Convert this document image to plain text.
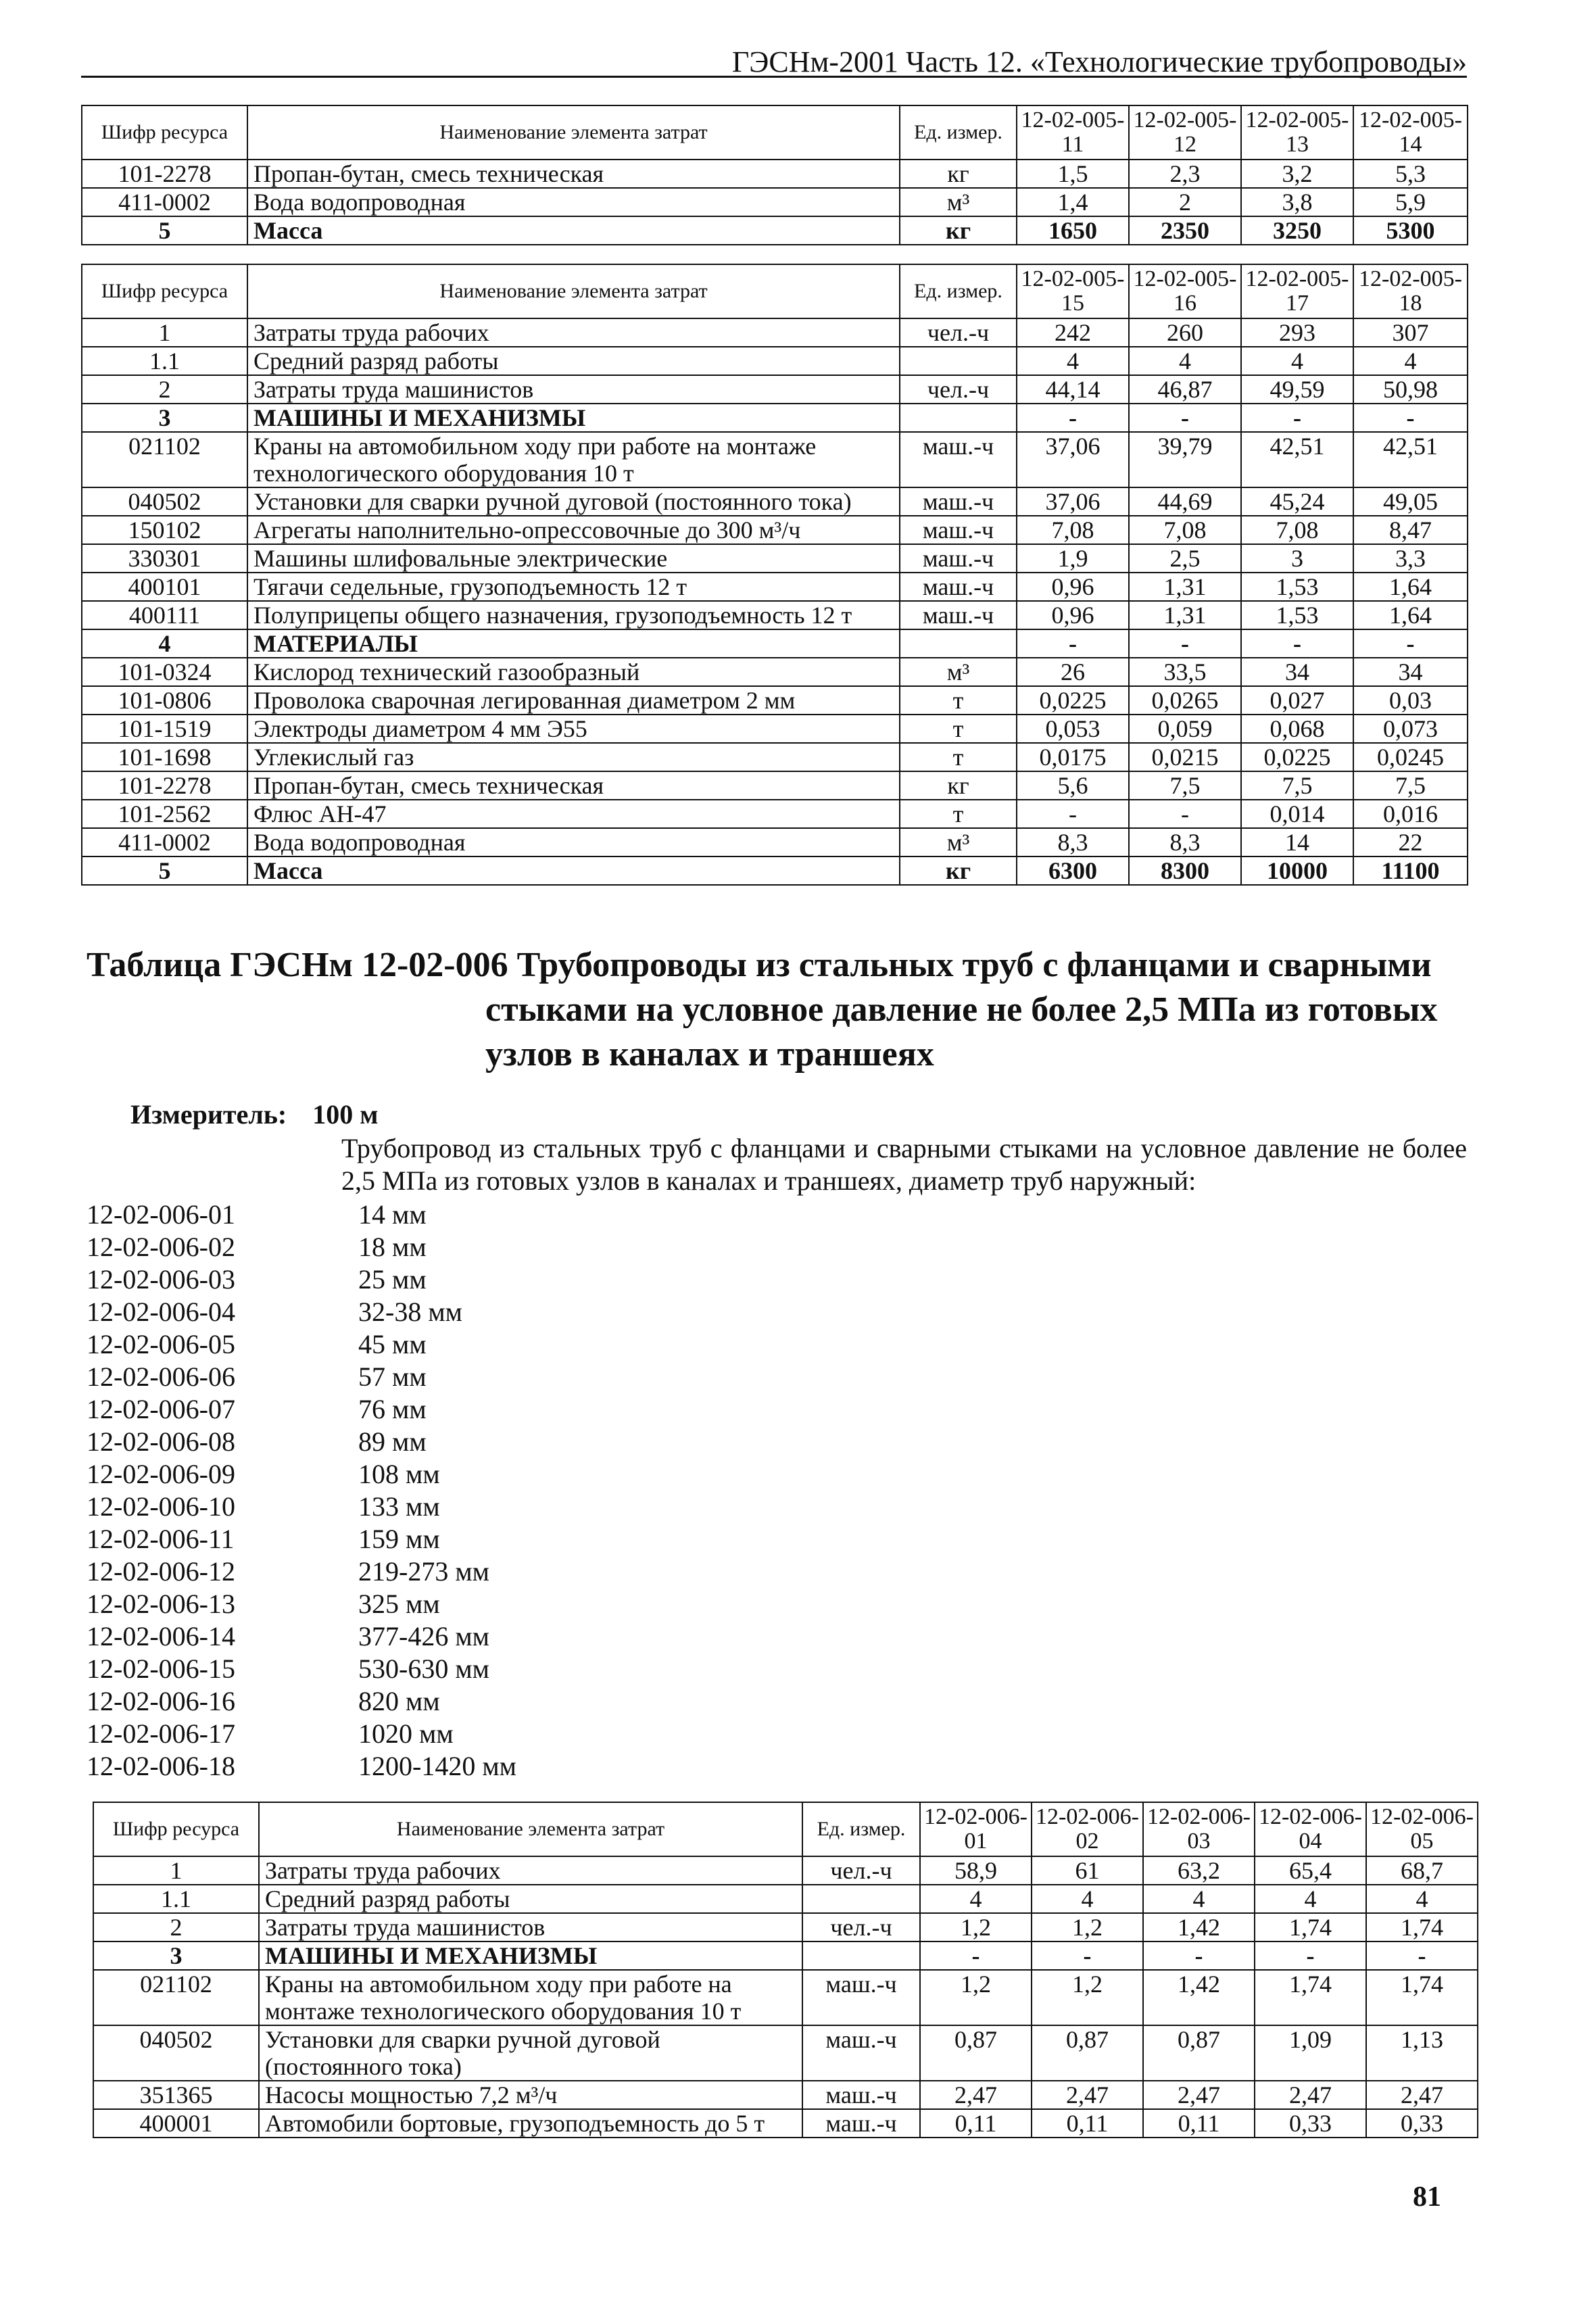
ГЭСНм-2001 Часть 12. «Технологические трубопроводы»
Шифр ресурса	Наименование элемента затрат	Ед. измер.	12-02-005-11	12-02-005-12	12-02-005-13	12-02-005-14
101-2278	Пропан-бутан, смесь техническая	кг	1,5	2,3	3,2	5,3
411-0002	Вода водопроводная	м³	1,4	2	3,8	5,9
5	Масса	кг	1650	2350	3250	5300
Шифр ресурса	Наименование элемента затрат	Ед. измер.	12-02-005-15	12-02-005-16	12-02-005-17	12-02-005-18
1	Затраты труда рабочих	чел.-ч	242	260	293	307
1.1	Средний разряд работы		4	4	4	4
2	Затраты труда машинистов	чел.-ч	44,14	46,87	49,59	50,98
3	МАШИНЫ И МЕХАНИЗМЫ		-	-	-	-
021102	Краны на автомобильном ходу при работе на монтаже технологического оборудования 10 т	маш.-ч	37,06	39,79	42,51	42,51
040502	Установки для сварки ручной дуговой (постоянного тока)	маш.-ч	37,06	44,69	45,24	49,05
150102	Агрегаты наполнительно-опрессовочные до 300 м³/ч	маш.-ч	7,08	7,08	7,08	8,47
330301	Машины шлифовальные электрические	маш.-ч	1,9	2,5	3	3,3
400101	Тягачи седельные, грузоподъемность 12 т	маш.-ч	0,96	1,31	1,53	1,64
400111	Полуприцепы общего назначения, грузоподъемность 12 т	маш.-ч	0,96	1,31	1,53	1,64
4	МАТЕРИАЛЫ		-	-	-	-
101-0324	Кислород технический газообразный	м³	26	33,5	34	34
101-0806	Проволока сварочная легированная диаметром 2 мм	т	0,0225	0,0265	0,027	0,03
101-1519	Электроды диаметром 4 мм Э55	т	0,053	0,059	0,068	0,073
101-1698	Углекислый газ	т	0,0175	0,0215	0,0225	0,0245
101-2278	Пропан-бутан, смесь техническая	кг	5,6	7,5	7,5	7,5
101-2562	Флюс АН-47	т	-	-	0,014	0,016
411-0002	Вода водопроводная	м³	8,3	8,3	14	22
5	Масса	кг	6300	8300	10000	11100
Таблица ГЭСНм 12-02-006 Трубопроводы из стальных труб с фланцами и сварными
стыками на условное давление не более 2,5 МПа из готовых
узлов в каналах и траншеях
Измеритель: 100 м
Трубопровод из стальных труб с фланцами и сварными стыками на условное давление не более 2,5 МПа из готовых узлов в каналах и траншеях, диаметр труб наружный:
12-02-006-01	14 мм
12-02-006-02	18 мм
12-02-006-03	25 мм
12-02-006-04	32-38 мм
12-02-006-05	45 мм
12-02-006-06	57 мм
12-02-006-07	76 мм
12-02-006-08	89 мм
12-02-006-09	108 мм
12-02-006-10	133 мм
12-02-006-11	159 мм
12-02-006-12	219-273 мм
12-02-006-13	325 мм
12-02-006-14	377-426 мм
12-02-006-15	530-630 мм
12-02-006-16	820 мм
12-02-006-17	1020 мм
12-02-006-18	1200-1420 мм
Шифр ресурса	Наименование элемента затрат	Ед. измер.	12-02-006-01	12-02-006-02	12-02-006-03	12-02-006-04	12-02-006-05
1	Затраты труда рабочих	чел.-ч	58,9	61	63,2	65,4	68,7
1.1	Средний разряд работы		4	4	4	4	4
2	Затраты труда машинистов	чел.-ч	1,2	1,2	1,42	1,74	1,74
3	МАШИНЫ И МЕХАНИЗМЫ		-	-	-	-	-
021102	Краны на автомобильном ходу при работе на монтаже технологического оборудования 10 т	маш.-ч	1,2	1,2	1,42	1,74	1,74
040502	Установки для сварки ручной дуговой (постоянного тока)	маш.-ч	0,87	0,87	0,87	1,09	1,13
351365	Насосы мощностью 7,2 м³/ч	маш.-ч	2,47	2,47	2,47	2,47	2,47
400001	Автомобили бортовые, грузоподъемность до 5 т	маш.-ч	0,11	0,11	0,11	0,33	0,33
81
